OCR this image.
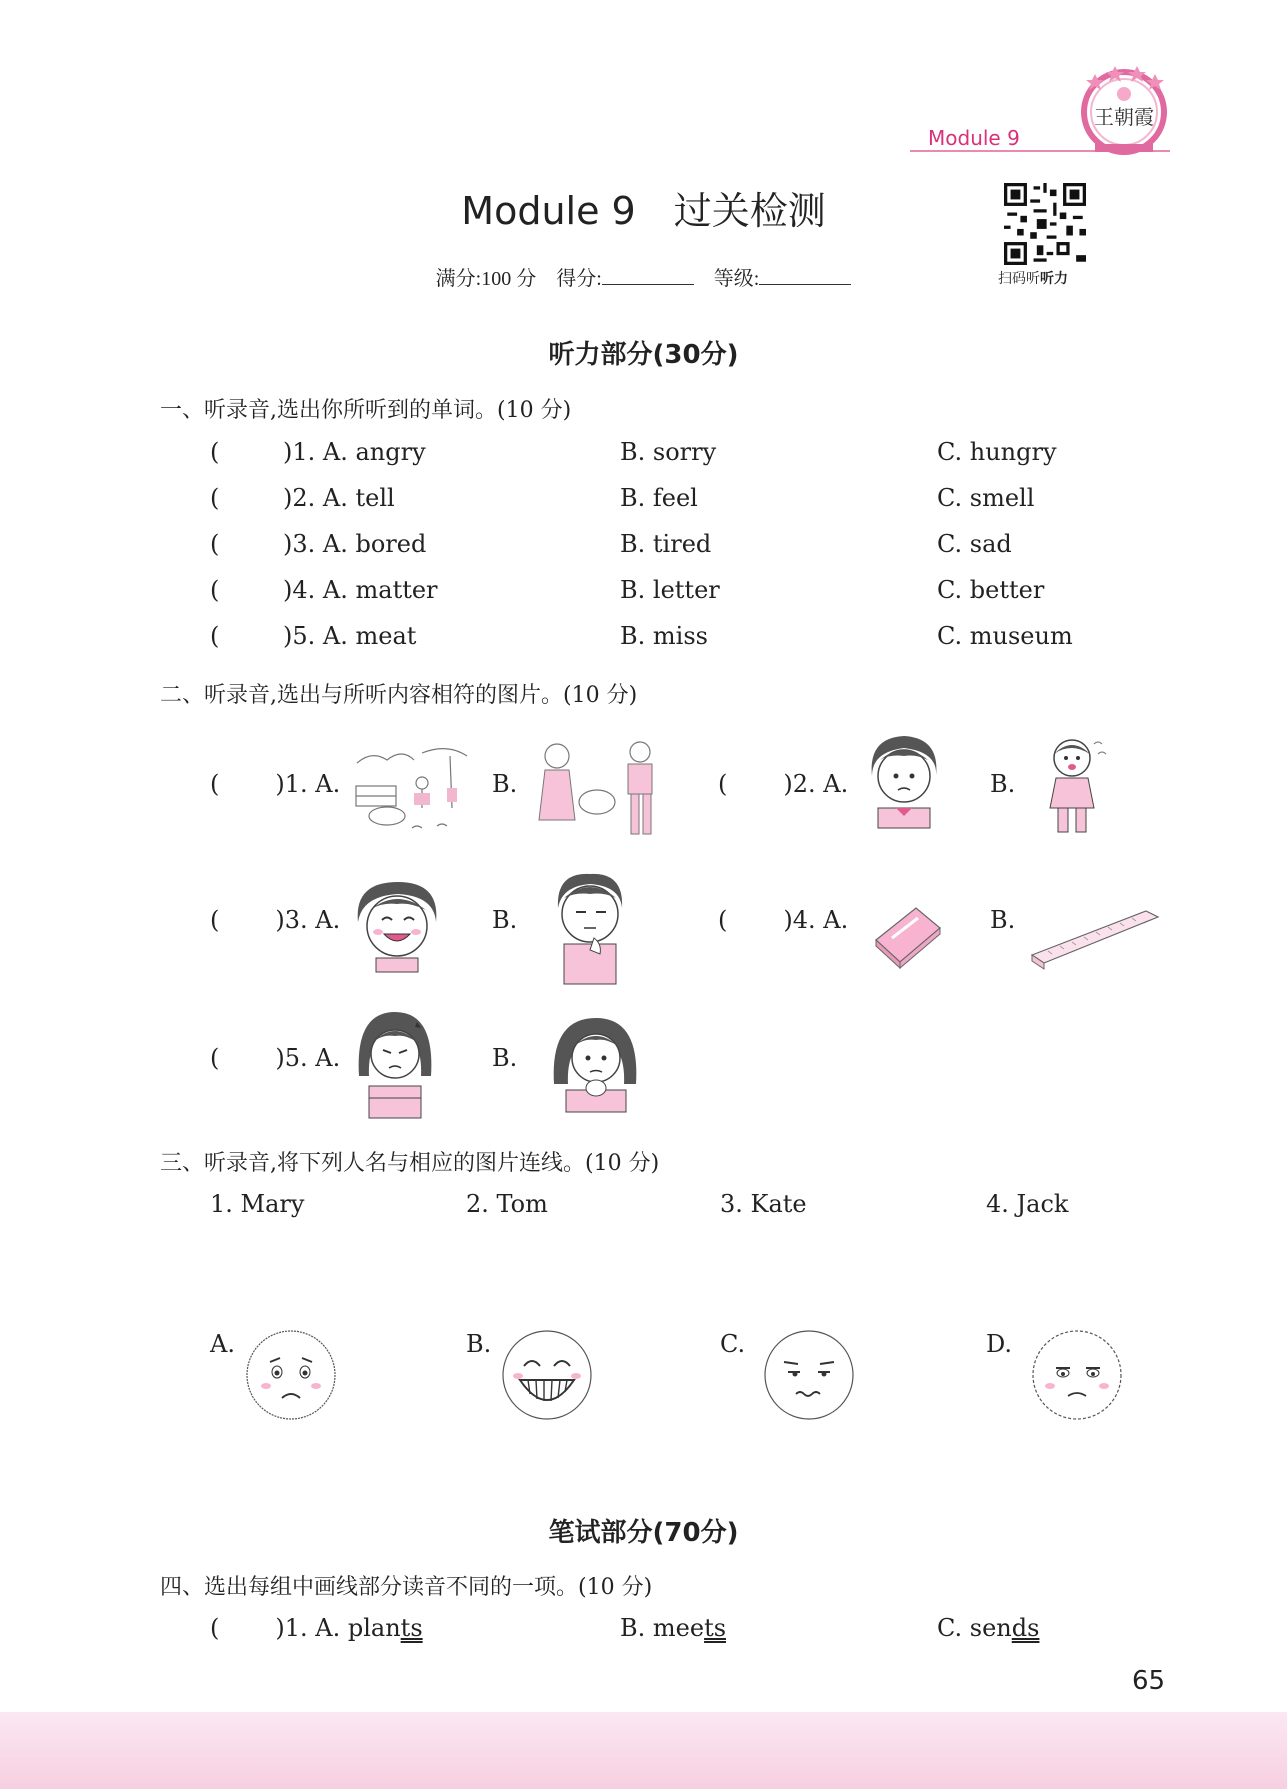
Module 9
王朝霞
扫码听听力
Module 9　过关检测
满分:100 分 得分:	等级:
听力部分(30分)
一、听录音,选出你所听到的单词。(10 分)
(	)1. A. angry	B. sorry	C. hungry
(	)2. A. tell	B. feel	C. smell
(	)3. A. bored	B. tired	C. sad
(	)4. A. matter	B. letter	C. better
(	)5. A. meat	B. miss	C. museum
二、听录音,选出与所听内容相符的图片。(10 分)
( )1. A.	B.	( )2. A.	B.
( )3. A.	B.	( )4. A.	B.
( )5. A.	B.
三、听录音,将下列人名与相应的图片连线。(10 分)
1. Mary	2. Tom	3. Kate	4. Jack
A.	B.	C.	D.
笔试部分(70分)
四、选出每组中画线部分读音不同的一项。(10 分)
( )1. A. plants	B. meets	C. sends
65
